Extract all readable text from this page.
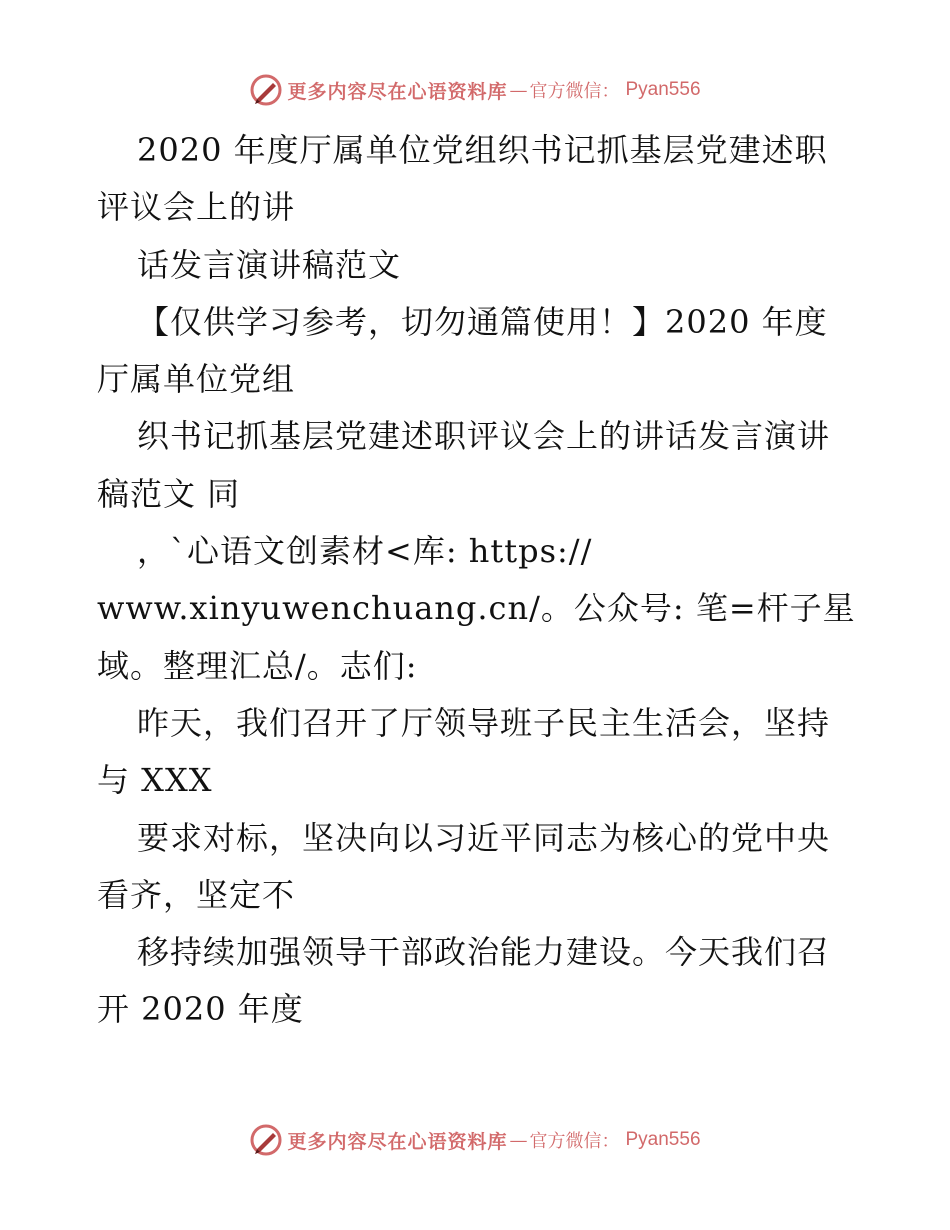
更多内容尽在心语资料库 — 官方微信： Pyan556
2020 年度厅属单位党组织书记抓基层党建述职
评议会上的讲
话发言演讲稿范文
【仅供学习参考，切勿通篇使用！】2020 年度
厅属单位党组
织书记抓基层党建述职评议会上的讲话发言演讲
稿范文 同
，`心语文创素材<库: https://
www.xinyuwenchuang.cn/。公众号: 笔=杆子星
域。整理汇总/。志们:
昨天，我们召开了厅领导班子民主生活会，坚持
与 XXX
要求对标，坚决向以习近平同志为核心的党中央
看齐，坚定不
移持续加强领导干部政治能力建设。今天我们召
开 2020 年度
更多内容尽在心语资料库 — 官方微信： Pyan556
